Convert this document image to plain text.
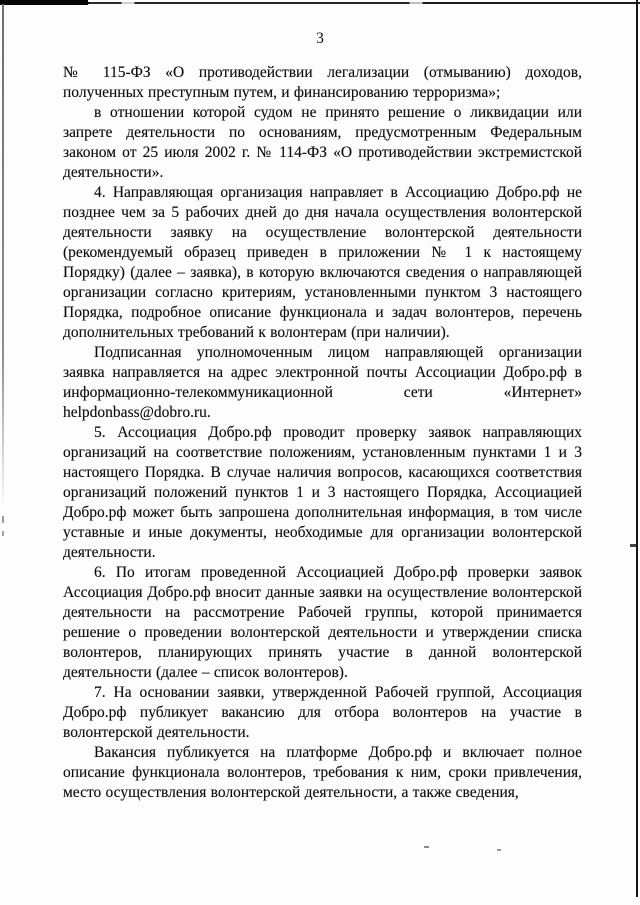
3

№ 115-ФЗ «О противодействии легализации (отмыванию) доходов, полученных преступным путем, и финансированию терроризма»;

в отношении которой судом не принято решение о ликвидации или запрете деятельности по основаниям, предусмотренным Федеральным законом от 25 июля 2002 г. № 114-ФЗ «О противодействии экстремистской деятельности».

4. Направляющая организация направляет в Ассоциацию Добро.рф не позднее чем за 5 рабочих дней до дня начала осуществления волонтерской деятельности заявку на осуществление волонтерской деятельности (рекомендуемый образец приведен в приложении № 1 к настоящему Порядку) (далее – заявка), в которую включаются сведения о направляющей организации согласно критериям, установленными пунктом 3 настоящего Порядка, подробное описание функционала и задач волонтеров, перечень дополнительных требований к волонтерам (при наличии).

Подписанная уполномоченным лицом направляющей организации заявка направляется на адрес электронной почты Ассоциации Добро.рф в информационно-телекоммуникационной сети «Интернет» helpdonbass@dobro.ru.

5. Ассоциация Добро.рф проводит проверку заявок направляющих организаций на соответствие положениям, установленным пунктами 1 и 3 настоящего Порядка. В случае наличия вопросов, касающихся соответствия организаций положений пунктов 1 и 3 настоящего Порядка, Ассоциацией Добро.рф может быть запрошена дополнительная информация, в том числе уставные и иные документы, необходимые для организации волонтерской деятельности.

6. По итогам проведенной Ассоциацией Добро.рф проверки заявок Ассоциация Добро.рф вносит данные заявки на осуществление волонтерской деятельности на рассмотрение Рабочей группы, которой принимается решение о проведении волонтерской деятельности и утверждении списка волонтеров, планирующих принять участие в данной волонтерской деятельности (далее – список волонтеров).

7. На основании заявки, утвержденной Рабочей группой, Ассоциация Добро.рф публикует вакансию для отбора волонтеров на участие в волонтерской деятельности.

Вакансия публикуется на платформе Добро.рф и включает полное описание функционала волонтеров, требования к ним, сроки привлечения, место осуществления волонтерской деятельности, а также сведения,
